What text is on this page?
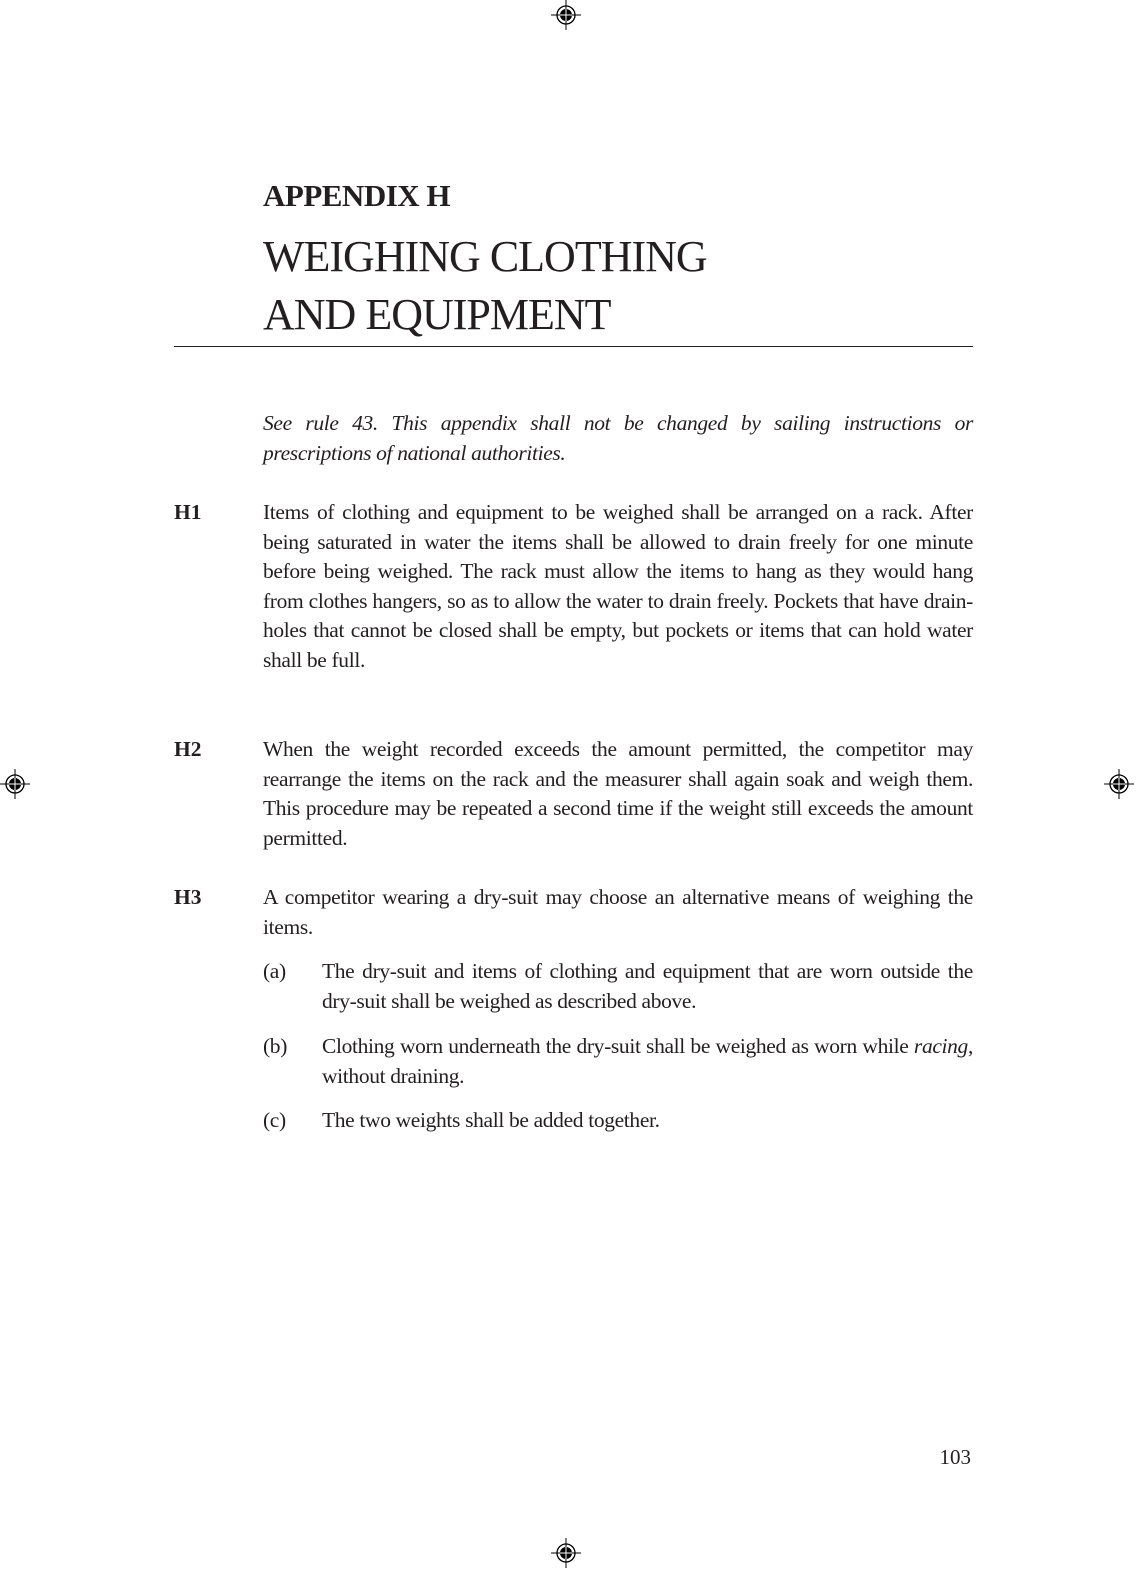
APPENDIX H
WEIGHING CLOTHING
AND EQUIPMENT
See rule 43. This appendix shall not be changed by sailing instructions or prescriptions of national authorities.
H1	Items of clothing and equipment to be weighed shall be arranged on a rack. After being saturated in water the items shall be allowed to drain freely for one minute before being weighed. The rack must allow the items to hang as they would hang from clothes hangers, so as to allow the water to drain freely. Pockets that have drain-holes that cannot be closed shall be empty, but pockets or items that can hold water shall be full.
H2	When the weight recorded exceeds the amount permitted, the competitor may rearrange the items on the rack and the measurer shall again soak and weigh them. This procedure may be repeated a second time if the weight still exceeds the amount permitted.
H3	A competitor wearing a dry-suit may choose an alternative means of weighing the items.
(a) The dry-suit and items of clothing and equipment that are worn outside the dry-suit shall be weighed as described above.
(b) Clothing worn underneath the dry-suit shall be weighed as worn while racing, without draining.
(c) The two weights shall be added together.
103
